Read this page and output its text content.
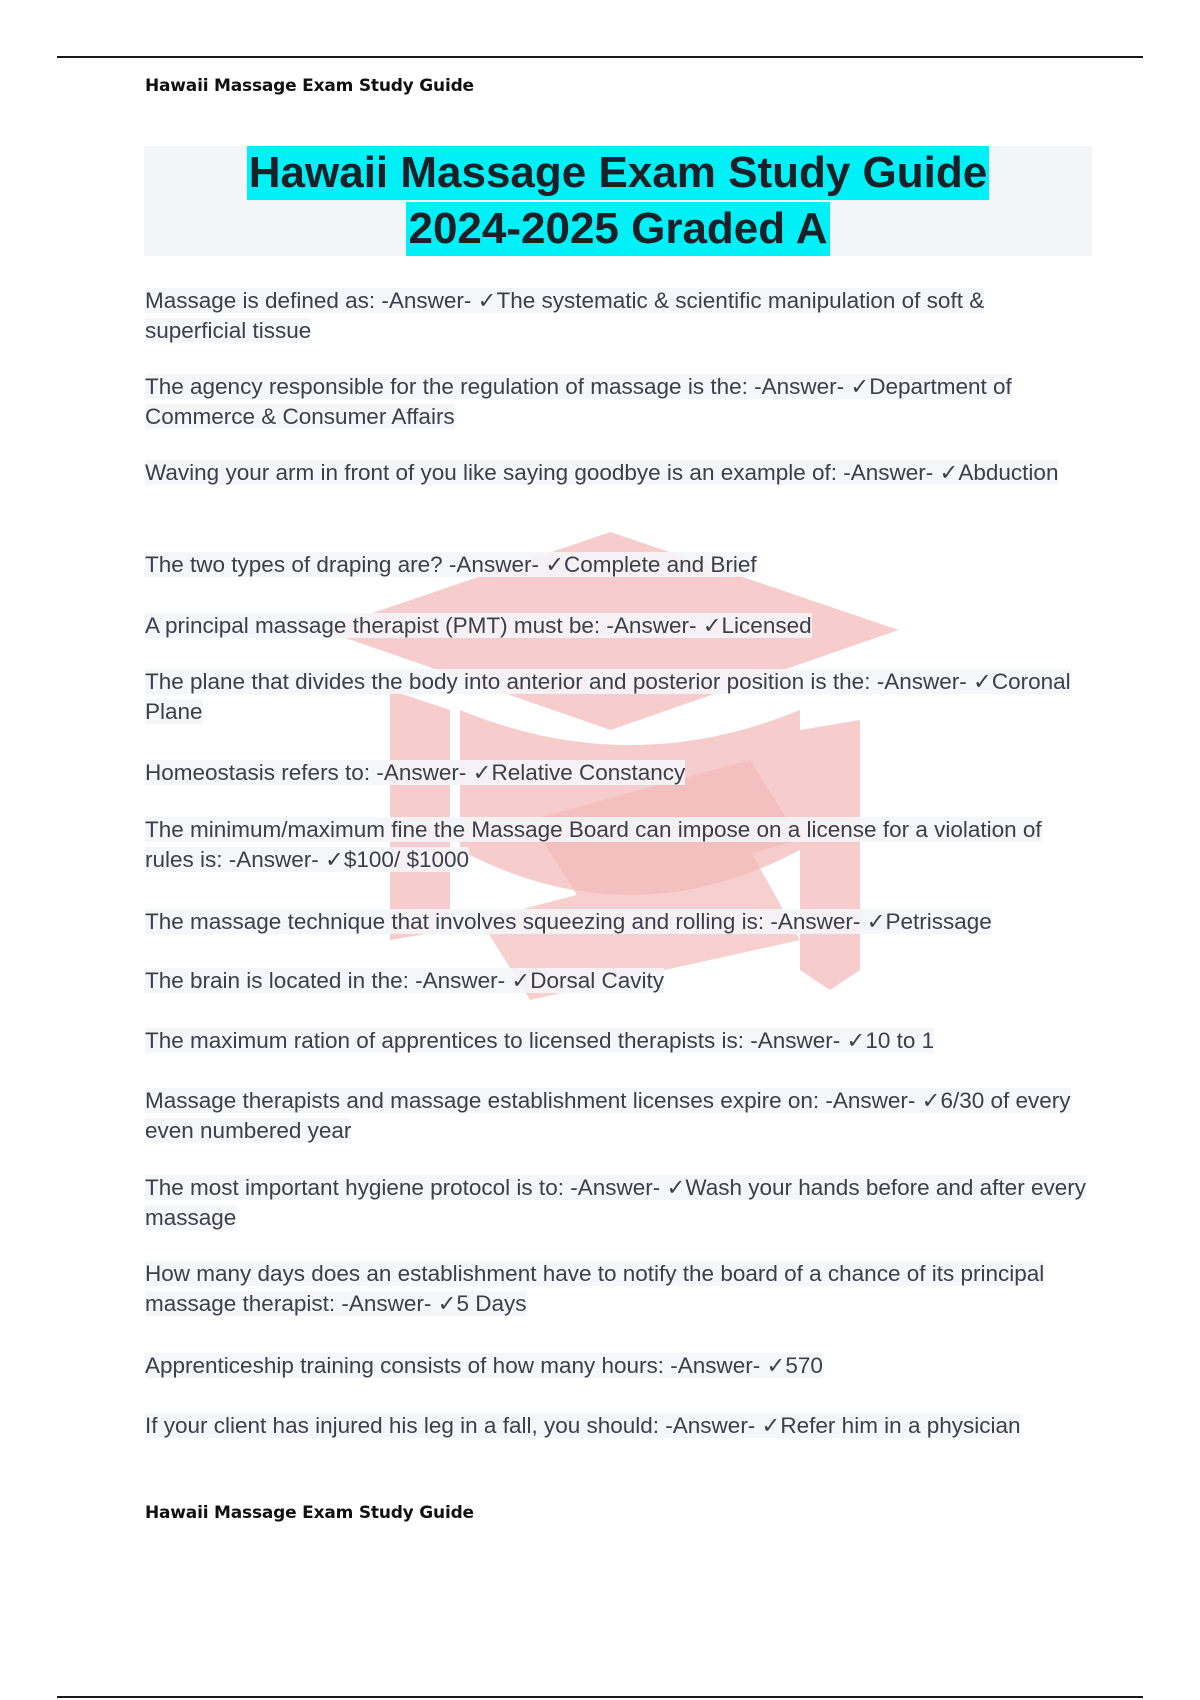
Hawaii Massage Exam Study Guide
Hawaii Massage Exam Study Guide
2024-2025 Graded A
Massage is defined as: -Answer- ✓The systematic & scientific manipulation of soft & superficial tissue
The agency responsible for the regulation of massage is the: -Answer- ✓Department of Commerce & Consumer Affairs
Waving your arm in front of you like saying goodbye is an example of: -Answer- ✓Abduction
The two types of draping are? -Answer- ✓Complete and Brief
A principal massage therapist (PMT) must be: -Answer- ✓Licensed
The plane that divides the body into anterior and posterior position is the: -Answer- ✓Coronal Plane
Homeostasis refers to: -Answer- ✓Relative Constancy
The minimum/maximum fine the Massage Board can impose on a license for a violation of rules is: -Answer- ✓$100/ $1000
The massage technique that involves squeezing and rolling is: -Answer- ✓Petrissage
The brain is located in the: -Answer- ✓Dorsal Cavity
The maximum ration of apprentices to licensed therapists is: -Answer- ✓10 to 1
Massage therapists and massage establishment licenses expire on: -Answer- ✓6/30 of every even numbered year
The most important hygiene protocol is to: -Answer- ✓Wash your hands before and after every massage
How many days does an establishment have to notify the board of a chance of its principal massage therapist: -Answer- ✓5 Days
Apprenticeship training consists of how many hours: -Answer- ✓570
If your client has injured his leg in a fall, you should: -Answer- ✓Refer him in a physician
Hawaii Massage Exam Study Guide
